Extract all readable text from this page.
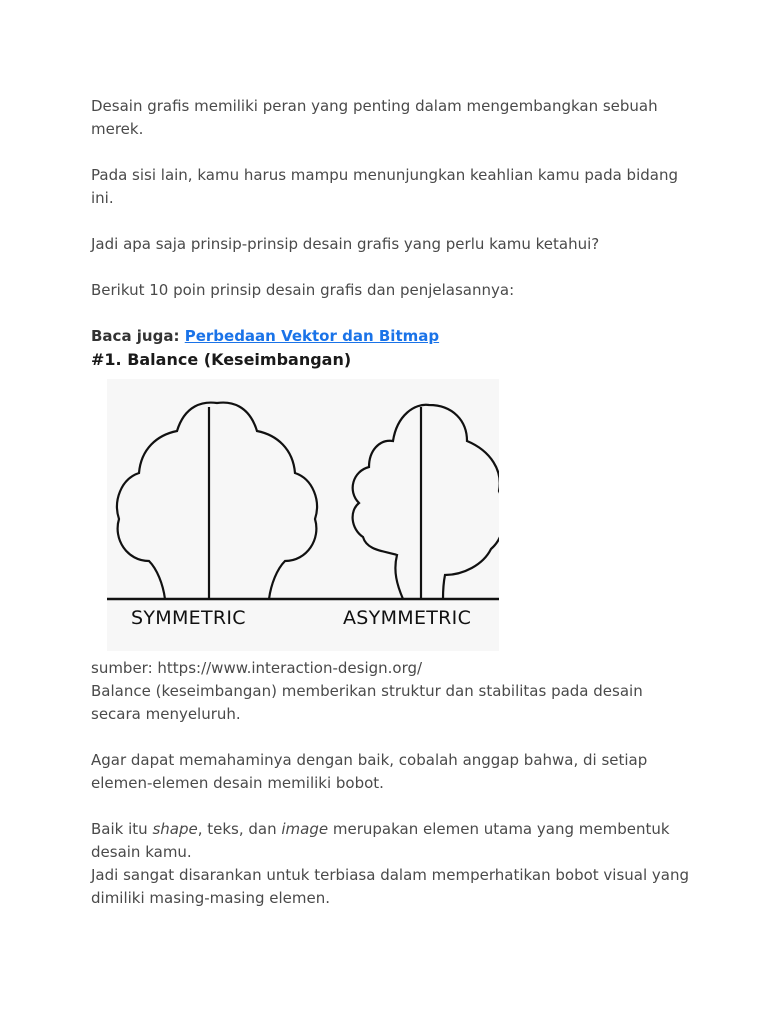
Desain grafis memiliki peran yang penting dalam mengembangkan sebuah merek.

Pada sisi lain, kamu harus mampu menunjungkan keahlian kamu pada bidang ini.

Jadi apa saja prinsip-prinsip desain grafis yang perlu kamu ketahui?

Berikut 10 poin prinsip desain grafis dan penjelasannya:

Baca juga: Perbedaan Vektor dan Bitmap

#1. Balance (Keseimbangan)
SYMMETRIC	ASYMMETRIC

sumber: https://www.interaction-design.org/

Balance (keseimbangan) memberikan struktur dan stabilitas pada desain secara menyeluruh.

Agar dapat memahaminya dengan baik, cobalah anggap bahwa, di setiap elemen-elemen desain memiliki bobot.

Baik itu shape, teks, dan image merupakan elemen utama yang membentuk desain kamu.

Jadi sangat disarankan untuk terbiasa dalam memperhatikan bobot visual yang dimiliki masing-masing elemen.
